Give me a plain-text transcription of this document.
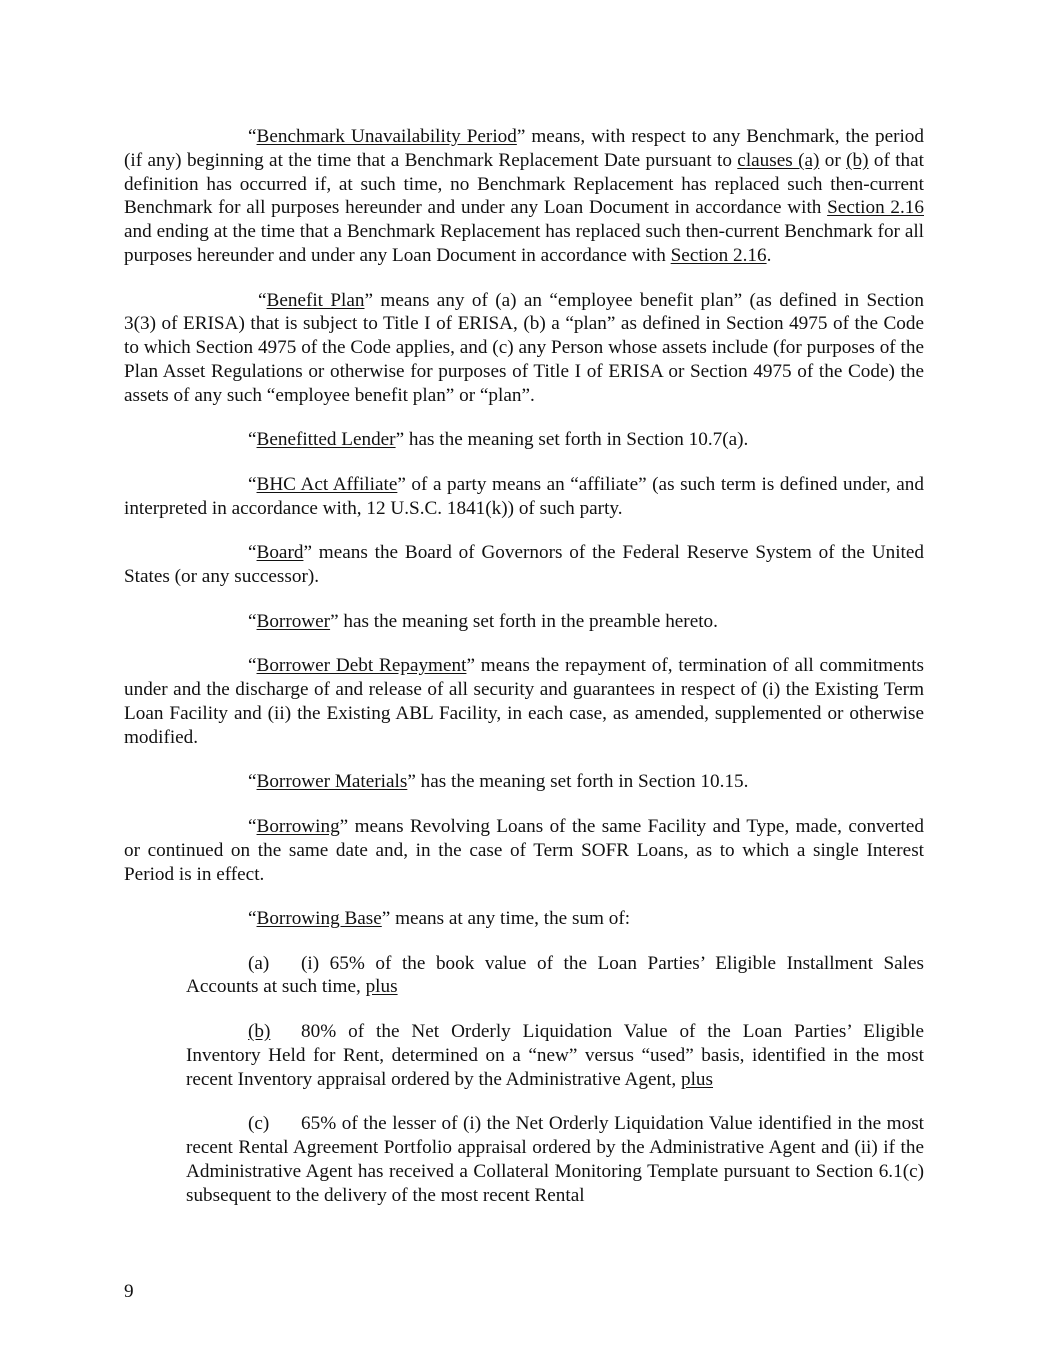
“Benchmark Unavailability Period” means, with respect to any Benchmark, the period (if any) beginning at the time that a Benchmark Replacement Date pursuant to clauses (a) or (b) of that definition has occurred if, at such time, no Benchmark Replacement has replaced such then-current Benchmark for all purposes hereunder and under any Loan Document in accordance with Section 2.16 and ending at the time that a Benchmark Replacement has replaced such then-current Benchmark for all purposes hereunder and under any Loan Document in accordance with Section 2.16.

“Benefit Plan” means any of (a) an “employee benefit plan” (as defined in Section 3(3) of ERISA) that is subject to Title I of ERISA, (b) a “plan” as defined in Section 4975 of the Code to which Section 4975 of the Code applies, and (c) any Person whose assets include (for purposes of the Plan Asset Regulations or otherwise for purposes of Title I of ERISA or Section 4975 of the Code) the assets of any such “employee benefit plan” or “plan”.

“Benefitted Lender” has the meaning set forth in Section 10.7(a).

“BHC Act Affiliate” of a party means an “affiliate” (as such term is defined under, and interpreted in accordance with, 12 U.S.C. 1841(k)) of such party.

“Board” means the Board of Governors of the Federal Reserve System of the United States (or any successor).

“Borrower” has the meaning set forth in the preamble hereto.

“Borrower Debt Repayment” means the repayment of, termination of all commitments under and the discharge of and release of all security and guarantees in respect of (i) the Existing Term Loan Facility and (ii) the Existing ABL Facility, in each case, as amended, supplemented or otherwise modified.

“Borrower Materials” has the meaning set forth in Section 10.15.

“Borrowing” means Revolving Loans of the same Facility and Type, made, converted or continued on the same date and, in the case of Term SOFR Loans, as to which a single Interest Period is in effect.

“Borrowing Base” means at any time, the sum of:

(a) (i) 65% of the book value of the Loan Parties’ Eligible Installment Sales Accounts at such time, plus

(b) 80% of the Net Orderly Liquidation Value of the Loan Parties’ Eligible Inventory Held for Rent, determined on a “new” versus “used” basis, identified in the most recent Inventory appraisal ordered by the Administrative Agent, plus

(c) 65% of the lesser of (i) the Net Orderly Liquidation Value identified in the most recent Rental Agreement Portfolio appraisal ordered by the Administrative Agent and (ii) if the Administrative Agent has received a Collateral Monitoring Template pursuant to Section 6.1(c) subsequent to the delivery of the most recent Rental

9
